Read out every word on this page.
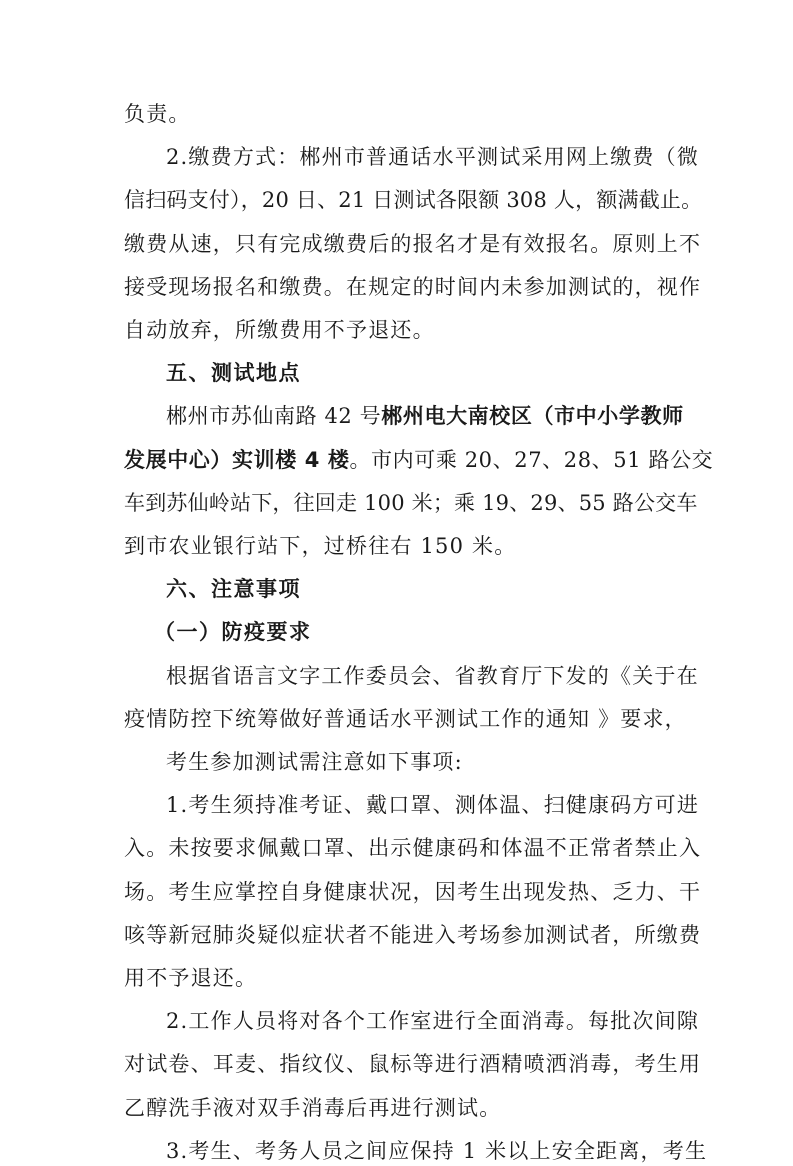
负责。
2.缴费方式：郴州市普通话水平测试采用网上缴费（微
信扫码支付），20 日、21 日测试各限额 308 人，额满截止。
缴费从速，只有完成缴费后的报名才是有效报名。原则上不
接受现场报名和缴费。在规定的时间内未参加测试的，视作
自动放弃，所缴费用不予退还。
五、测试地点
郴州市苏仙南路 42 号郴州电大南校区（市中小学教师
发展中心）实训楼 4 楼。市内可乘 20、27、28、51 路公交
车到苏仙岭站下，往回走 100 米；乘 19、29、55 路公交车
到市农业银行站下，过桥往右 150 米。
六、注意事项
（一）防疫要求
根据省语言文字工作委员会、省教育厅下发的《关于在
疫情防控下统筹做好普通话水平测试工作的通知 》要求，
考生参加测试需注意如下事项:
1.考生须持准考证、戴口罩、测体温、扫健康码方可进
入。未按要求佩戴口罩、出示健康码和体温不正常者禁止入
场。考生应掌控自身健康状况，因考生出现发热、乏力、干
咳等新冠肺炎疑似症状者不能进入考场参加测试者，所缴费
用不予退还。
2.工作人员将对各个工作室进行全面消毒。每批次间隙
对试卷、耳麦、指纹仪、鼠标等进行酒精喷洒消毒，考生用
乙醇洗手液对双手消毒后再进行测试。
3.考生、考务人员之间应保持 1 米以上安全距离，考生
